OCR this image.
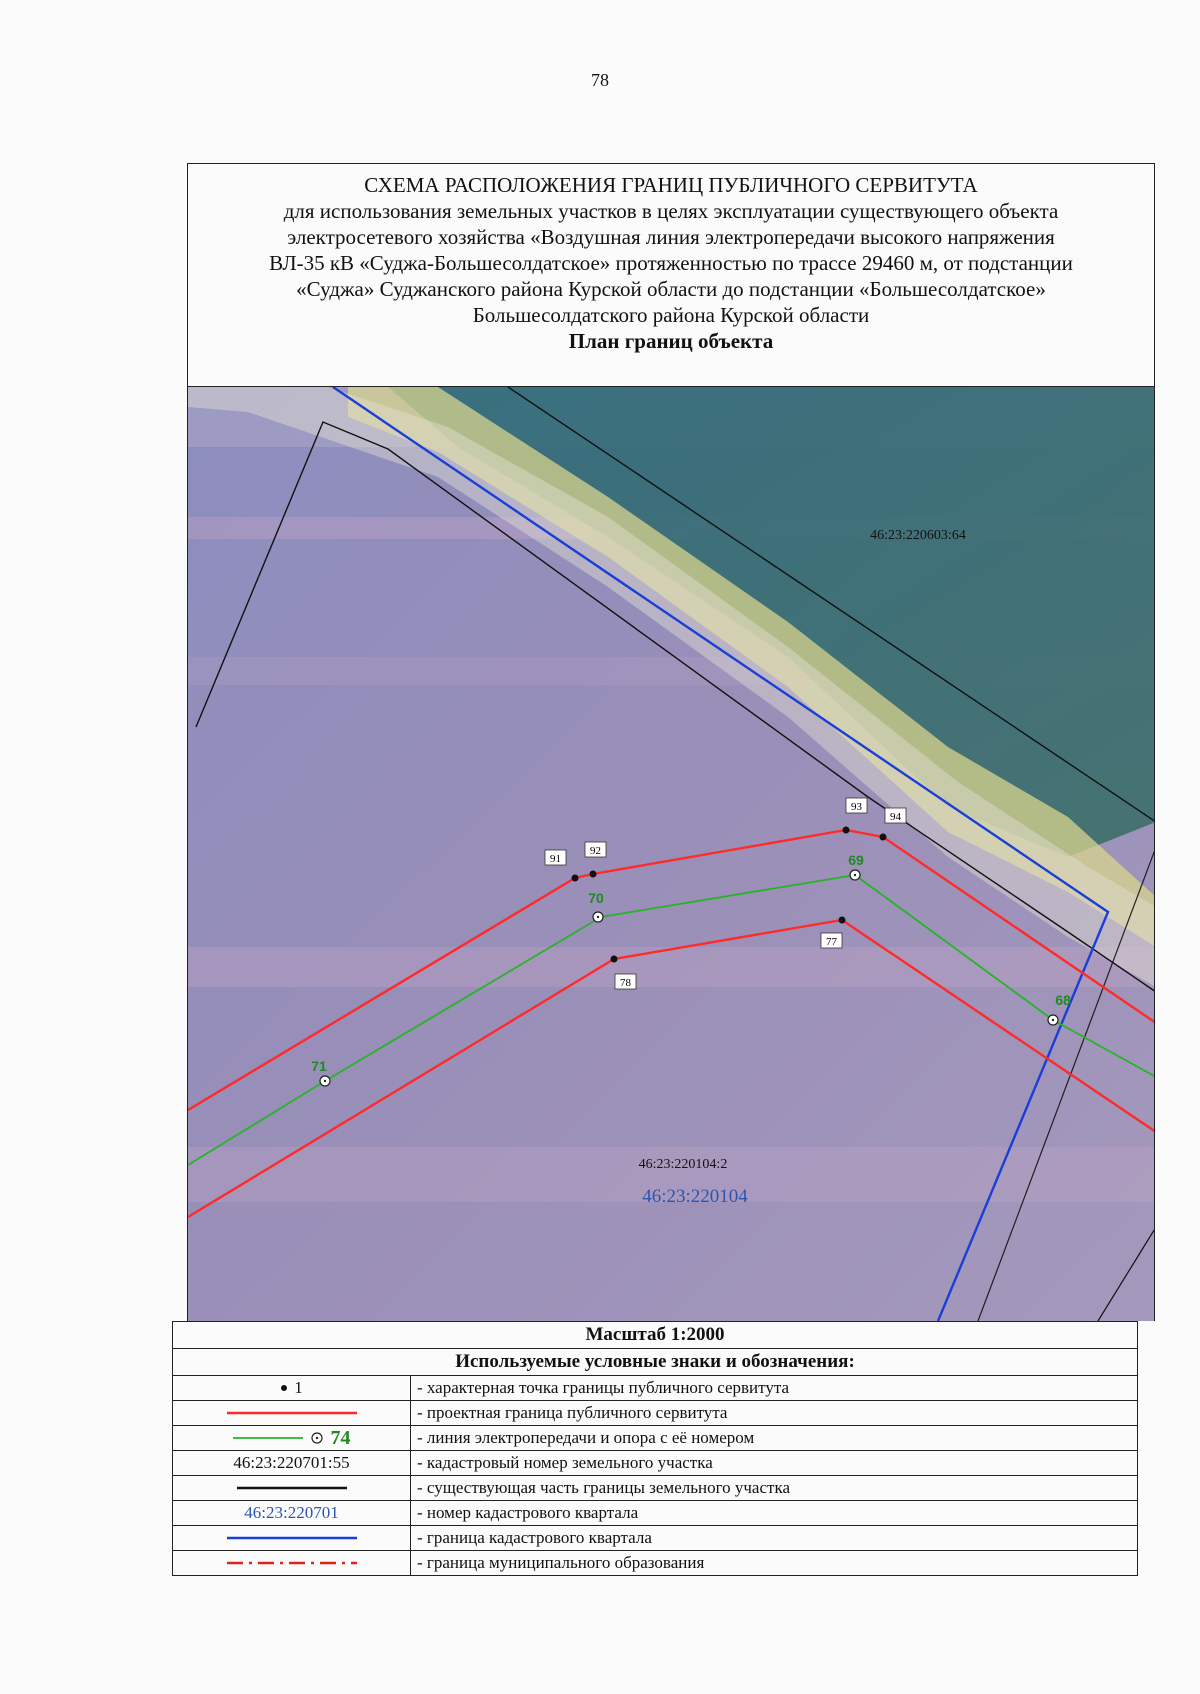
78
СХЕМА РАСПОЛОЖЕНИЯ ГРАНИЦ ПУБЛИЧНОГО СЕРВИТУТА
для использования земельных участков в целях эксплуатации существующего объекта
электросетевого хозяйства «Воздушная линия электропередачи высокого напряжения
ВЛ-35 кВ «Суджа-Большесолдатское» протяженностью по трассе 29460 м, от подстанции
«Суджа» Суджанского района Курской области до подстанции «Большесолдатское»
Большесолдатского района Курской области
План границ объекта
91
92
93
94
77
78
71
70
69
68
46:23:220603:64
46:23:220104:2
46:23:220104
Масштаб 1:2000	
Используемые условные знаки и обозначения:	

1	- характерная точка границы публичного сервитута
	- проектная граница публичного сервитута

74	- линия электропередачи и опора с её номером
46:23:220701:55	- кадастровый номер земельного участка
	- существующая часть границы земельного участка
46:23:220701	- номер кадастрового квартала
	- граница кадастрового квартала
	- граница муниципального образования
